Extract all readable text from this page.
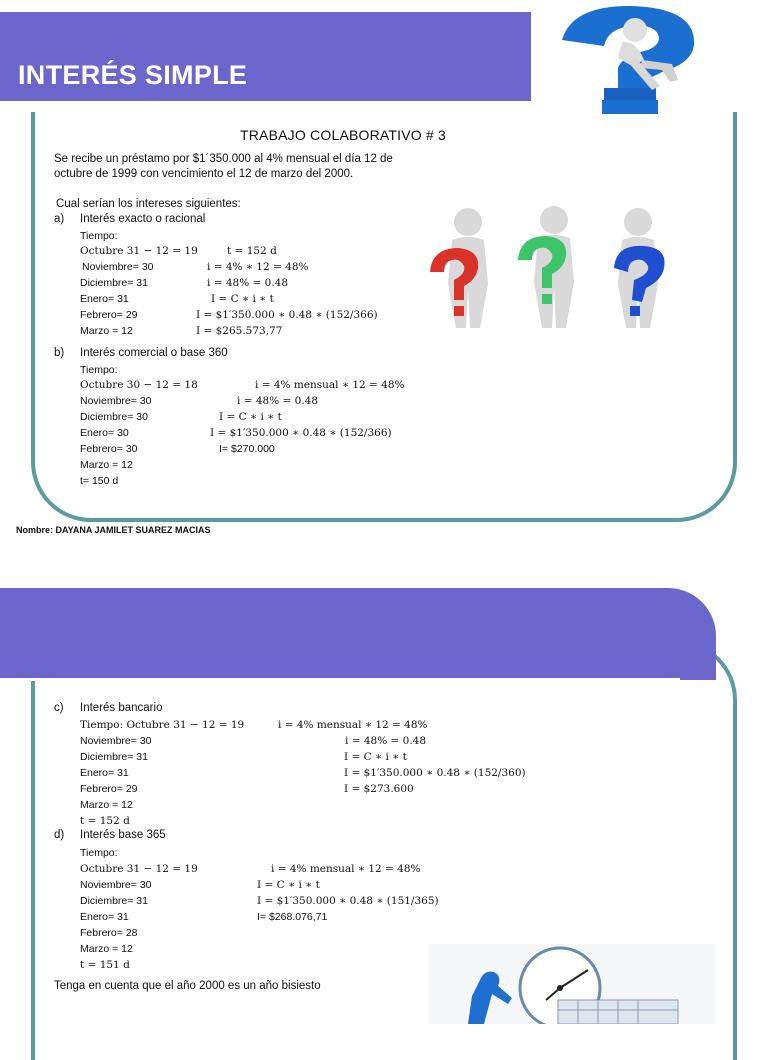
INTERÉS SIMPLE
TRABAJO COLABORATIVO # 3
Se recibe un préstamo por $1´350.000 al 4% mensual el día 12 de
octubre de 1999 con vencimiento el 12 de marzo del 2000.
Cual serían los intereses siguientes:
a) Interés exacto o racional
Tiempo:
Octubre 31 − 12 = 19
Noviembre= 30
Diciembre= 31
Enero= 31
Febrero= 29
Marzo = 12
t = 152 d
i = 4% ∗ 12 = 48%
i = 48% = 0.48
I = C ∗ i ∗ t
I = $1′350.000 ∗ 0.48 ∗ (152/366)
I = $265.573,77
b) Interés comercial o base 360
Tiempo:
Octubre 30 − 12 = 18
Noviembre= 30
Diciembre= 30
Enero= 30
Febrero= 30
Marzo = 12
t= 150 d
i = 4% mensual ∗ 12 = 48%
i = 48% = 0.48
I = C ∗ i ∗ t
I = $1′350.000 ∗ 0.48 ∗ (152/366)
I= $270.000
Nombre: DAYANA JAMILET SUAREZ MACIAS
c) Interés bancario
Tiempo: Octubre 31 − 12 = 19
Noviembre= 30
Diciembre= 31
Enero= 31
Febrero= 29
Marzo = 12
t = 152 d
i = 4% mensual ∗ 12 = 48%
i = 48% = 0.48
I = C ∗ i ∗ t
I = $1′350.000 ∗ 0.48 ∗ (152/360)
I = $273.600
d) Interés base 365
Tiempo:
Octubre 31 − 12 = 19
Noviembre= 30
Diciembre= 31
Enero= 31
Febrero= 28
Marzo = 12
t = 151 d
i = 4% mensual ∗ 12 = 48%
I = C ∗ i ∗ t
I = $1′350.000 ∗ 0.48 ∗ (151/365)
I= $268.076,71
Tenga en cuenta que el año 2000 es un año bisiesto
